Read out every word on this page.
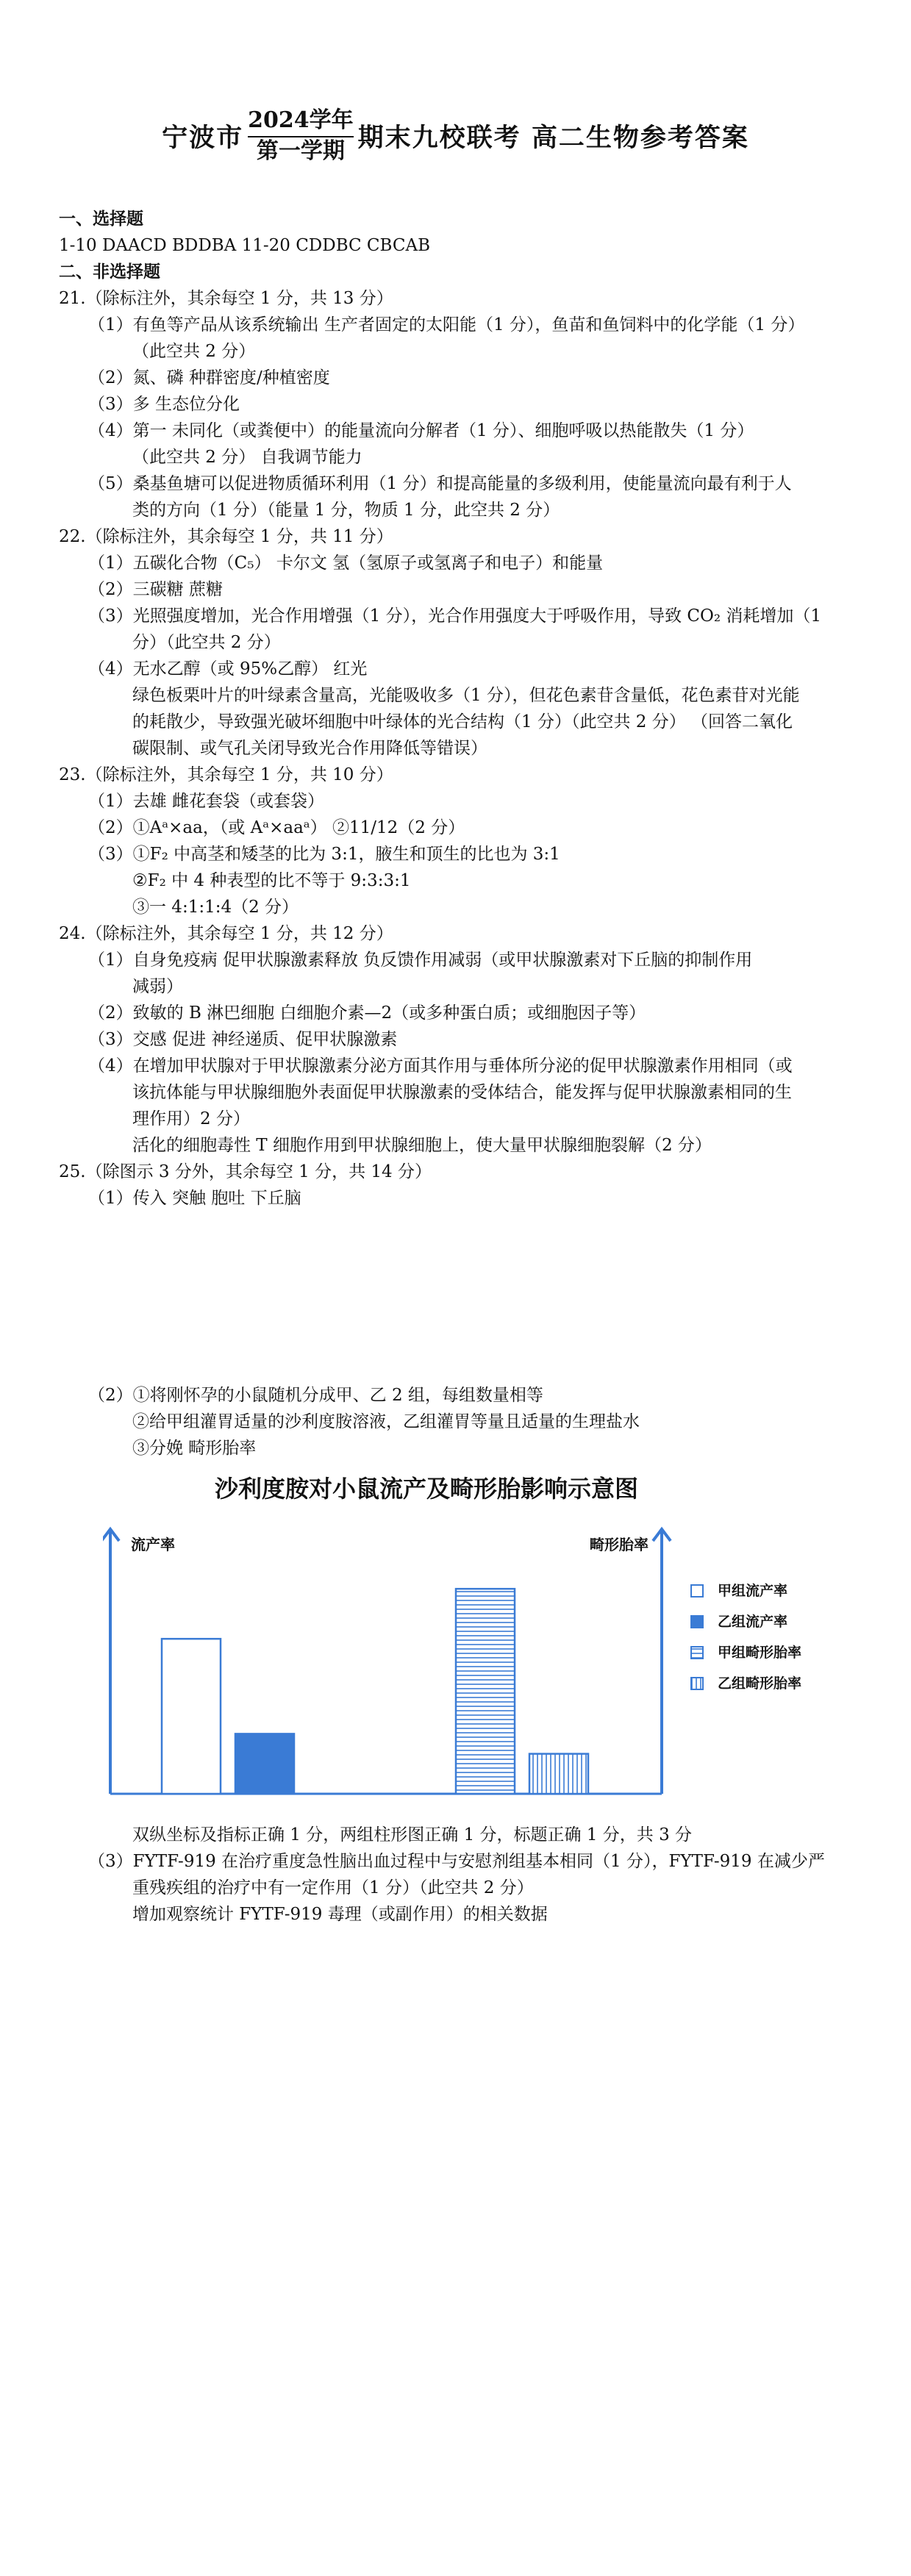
宁波市
2024学年
第一学期 期末九校联考 高二生物参考答案
一、选择题
1-10 DAACD BDDBA 11-20 CDDBC CBCAB
二、非选择题
21.（除标注外，其余每空 1 分，共 13 分）
（1）有鱼等产品从该系统输出 生产者固定的太阳能（1 分），鱼苗和鱼饲料中的化学能（1 分）
（此空共 2 分）
（2）氮、磷 种群密度/种植密度
（3）多 生态位分化
（4）第一 未同化（或粪便中）的能量流向分解者（1 分）、细胞呼吸以热能散失（1 分）
（此空共 2 分） 自我调节能力
（5）桑基鱼塘可以促进物质循环利用（1 分）和提高能量的多级利用，使能量流向最有利于人
类的方向（1 分）（能量 1 分，物质 1 分，此空共 2 分）
22.（除标注外，其余每空 1 分，共 11 分）
（1）五碳化合物（C₅） 卡尔文 氢（氢原子或氢离子和电子）和能量
（2）三碳糖 蔗糖
（3）光照强度增加，光合作用增强（1 分），光合作用强度大于呼吸作用，导致 CO₂ 消耗增加（1
分）（此空共 2 分）
（4）无水乙醇（或 95%乙醇） 红光
绿色板栗叶片的叶绿素含量高，光能吸收多（1 分），但花色素苷含量低，花色素苷对光能
的耗散少，导致强光破坏细胞中叶绿体的光合结构（1 分）（此空共 2 分） （回答二氧化
碳限制、或气孔关闭导致光合作用降低等错误）
23.（除标注外，其余每空 1 分，共 10 分）
（1）去雄 雌花套袋（或套袋）
（2）①Aᵃ×aa，（或 Aᵃ×aaᵃ） ②11/12（2 分）
（3）①F₂ 中高茎和矮茎的比为 3:1，腋生和顶生的比也为 3:1
②F₂ 中 4 种表型的比不等于 9:3:3:1
③一 4:1:1:4（2 分）
24.（除标注外，其余每空 1 分，共 12 分）
（1）自身免疫病 促甲状腺激素释放 负反馈作用减弱（或甲状腺激素对下丘脑的抑制作用
减弱）
（2）致敏的 B 淋巴细胞 白细胞介素—2（或多种蛋白质；或细胞因子等）
（3）交感 促进 神经递质、促甲状腺激素
（4）在增加甲状腺对于甲状腺激素分泌方面其作用与垂体所分泌的促甲状腺激素作用相同（或
该抗体能与甲状腺细胞外表面促甲状腺激素的受体结合，能发挥与促甲状腺激素相同的生
理作用）2 分）
活化的细胞毒性 T 细胞作用到甲状腺细胞上，使大量甲状腺细胞裂解（2 分）
25.（除图示 3 分外，其余每空 1 分，共 14 分）
（1）传入 突触 胞吐 下丘脑
（2）①将刚怀孕的小鼠随机分成甲、乙 2 组，每组数量相等
②给甲组灌胃适量的沙利度胺溶液，乙组灌胃等量且适量的生理盐水
③分娩 畸形胎率
沙利度胺对小鼠流产及畸形胎影响示意图
流产率	畸形胎率
甲组流产率
乙组流产率
甲组畸形胎率
乙组畸形胎率
双纵坐标及指标正确 1 分，两组柱形图正确 1 分，标题正确 1 分，共 3 分
（3）FYTF-919 在治疗重度急性脑出血过程中与安慰剂组基本相同（1 分），FYTF-919 在减少严
重残疾组的治疗中有一定作用（1 分）（此空共 2 分）
增加观察统计 FYTF-919 毒理（或副作用）的相关数据
